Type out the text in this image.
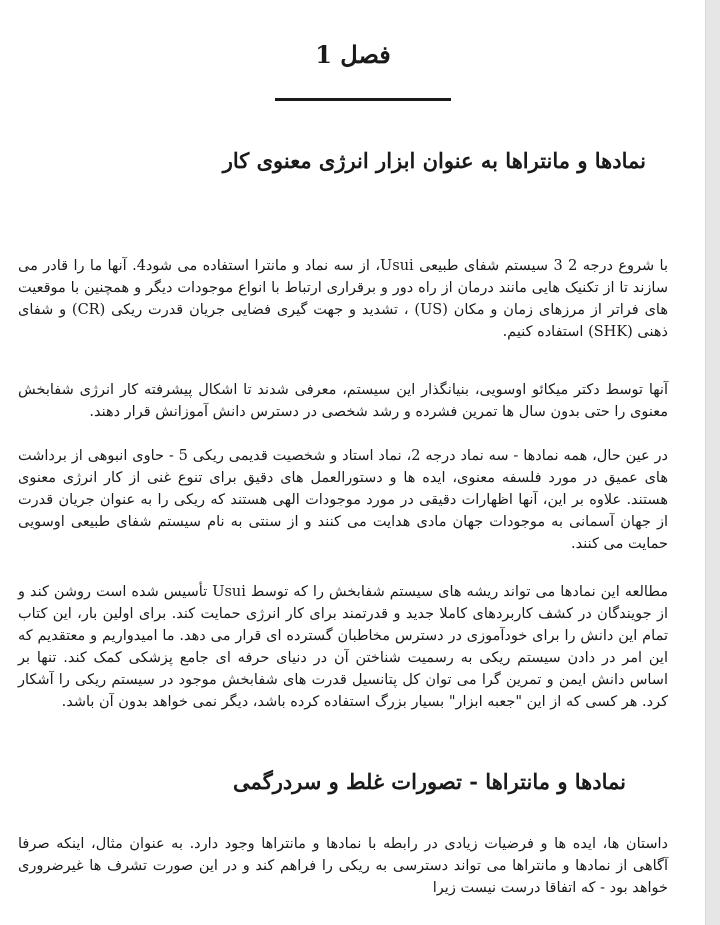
فصل 1
نمادها و مانتراها به عنوان ابزار انرژی معنوی کار

با شروع درجه 2 3 سیستم شفای طبیعی Usui، از سه نماد و مانترا استفاده می شود4. آنها ما را قادر می سازند تا از تکنیک هایی مانند درمان از راه دور و برقراری ارتباط با انواع موجودات دیگر و همچنین با موقعیت های فراتر از مرزهای زمان و مکان (US) ، تشدید و جهت گیری فضایی جریان قدرت ریکی (CR) و شفای ذهنی (SHK) استفاده کنیم.

آنها توسط دکتر میکائو اوسویی، بنیانگذار این سیستم، معرفی شدند تا اشکال پیشرفته کار انرژی شفابخش معنوی را حتی بدون سال ها تمرین فشرده و رشد شخصی در دسترس دانش آموزانش قرار دهند.

در عین حال، همه نمادها - سه نماد درجه 2، نماد استاد و شخصیت قدیمی ریکی 5 - حاوی انبوهی از برداشت های عمیق در مورد فلسفه معنوی، ایده ها و دستورالعمل های دقیق برای تنوع غنی از کار انرژی معنوی هستند. علاوه بر این، آنها اظهارات دقیقی در مورد موجودات الهی هستند که ریکی را به عنوان جریان قدرت از جهان آسمانی به موجودات جهان مادی هدایت می کنند و از سنتی به نام سیستم شفای طبیعی اوسویی حمایت می کنند.

مطالعه این نمادها می تواند ریشه های سیستم شفابخش را که توسط Usui تأسیس شده است روشن کند و از جویندگان در کشف کاربردهای کاملا جدید و قدرتمند برای کار انرژی حمایت کند. برای اولین بار، این کتاب تمام این دانش را برای خودآموزی در دسترس مخاطبان گسترده ای قرار می دهد. ما امیدواریم و معتقدیم که این امر در دادن سیستم ریکی به رسمیت شناختن آن در دنیای حرفه ای جامع پزشکی کمک کند. تنها بر اساس دانش ایمن و تمرین گرا می توان کل پتانسیل قدرت های شفابخش موجود در سیستم ریکی را آشکار کرد. هر کسی که از این "جعبه ابزار" بسیار بزرگ استفاده کرده باشد، دیگر نمی خواهد بدون آن باشد.

نمادها و مانتراها - تصورات غلط و سردرگمی

داستان ها، ایده ها و فرضیات زیادی در رابطه با نمادها و مانتراها وجود دارد. به عنوان مثال، اینکه صرفا آگاهی از نمادها و مانتراها می تواند دسترسی به ریکی را فراهم کند و در این صورت تشرف ها غیرضروری خواهد بود - که اتفاقا درست نیست زیرا
